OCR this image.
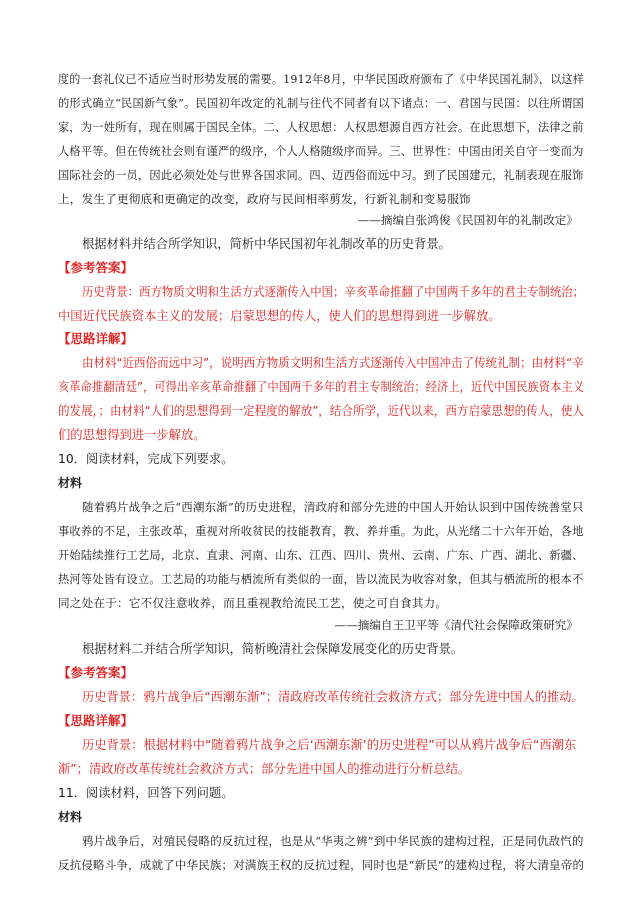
度的一套礼仪已不适应当时形势发展的需要。1912年8月，中华民国政府颁布了《中华民国礼制》，以这样
的形式确立“民国新气象”。民国初年改定的礼制与往代不同者有以下诸点：一、君国与民国：以往所谓国
家，为一姓所有，现在则属于国民全体。二、人权思想：人权思想源自西方社会。在此思想下，法律之前
人格平等。但在传统社会则有谨严的级序，个人人格随级序而异。三、世界性：中国由闭关自守一变而为
国际社会的一员，因此必须处处与世界各国求同。四、迈西俗而远中习。到了民国建元，礼制表现在服饰
上，发生了更彻底和更确定的改变，政府与民间相率剪发，行新礼制和变易服饰
——摘编自张鸿俊《民国初年的礼制改定》
根据材料并结合所学知识，简析中华民国初年礼制改革的历史背景。
【参考答案】
历史背景：西方物质文明和生活方式逐渐传入中国；辛亥革命推翻了中国两千多年的君主专制统治；
中国近代民族资本主义的发展；启蒙思想的传人，使人们的思想得到进一步解放。
【思路详解】
由材料“近西俗而远中习”，说明西方物质文明和生活方式逐渐传入中国冲击了传统礼制；由材料“辛
亥革命推翻清廷”，可得出辛亥革命推翻了中国两千多年的君主专制统治；经济上，近代中国民族资本主义
的发展，；由材料“人们的思想得到一定程度的解放”，结合所学，近代以来，西方启蒙思想的传人，使人
们的思想得到进一步解放。
10．阅读材料，完成下列要求。
材料
随着鸦片战争之后“西潮东渐”的历史进程，清政府和部分先进的中国人开始认识到中国传统善堂只
事收养的不足，主张改革，重视对所收贫民的技能教育，教、养并重。为此，从光绪二十六年开始，各地
开始陆续推行工艺局，北京、直隶、河南、山东、江西、四川、贵州、云南、广东、广西、湖北、新疆、
热河等处皆有设立。工艺局的功能与栖流所有类似的一面，皆以流民为收容对象，但其与栖流所的根本不
同之处在于：它不仅注意收养，而且重视教给流民工艺，使之可自食其力。
——摘编自王卫平等《清代社会保障政策研究》
根据材料二并结合所学知识，简析晚清社会保障发展变化的历史背景。
【参考答案】
历史背景：鸦片战争后“西潮东渐”；清政府改革传统社会救济方式；部分先进中国人的推动。
【思路详解】
历史背景：根据材料中“随着鸦片战争之后‘西潮东渐’的历史进程”可以从鸦片战争后“西潮东
渐”；清政府改革传统社会救济方式；部分先进中国人的推动进行分析总结。
11．阅读材料，回答下列问题。
材料
鸦片战争后，对殖民侵略的反抗过程，也是从“华夷之辨”到中华民族的建构过程，正是同仇敌忾的
反抗侵略斗争，成就了中华民族；对满族王权的反抗过程，同时也是“新民”的建构过程，将大清皇帝的
